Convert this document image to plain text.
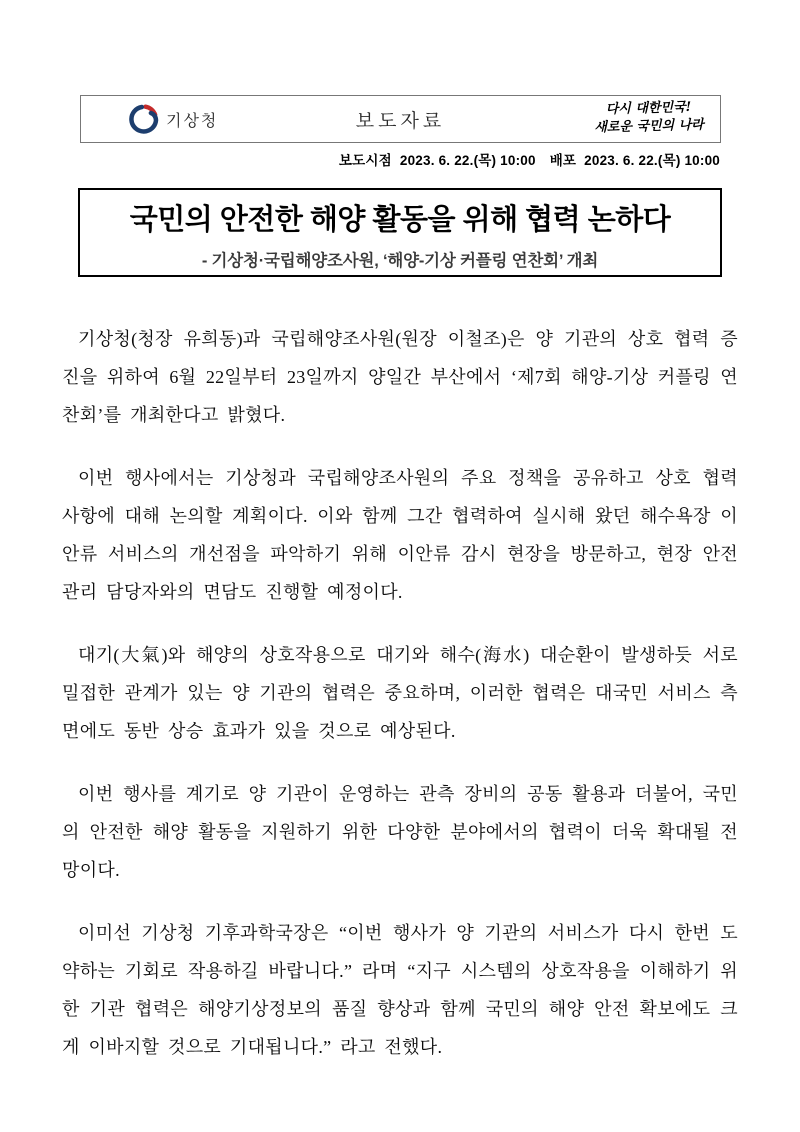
기상청	보도자료
다시 대한민국!
새로운 국민의 나라
보도시점 2023. 6. 22.(목) 10:00 배포 2023. 6. 22.(목) 10:00
국민의 안전한 해양 활동을 위해 협력 논하다
- 기상청·국립해양조사원, ‘해양-기상 커플링 연찬회’ 개최

기상청(청장 유희동)과 국립해양조사원(원장 이철조)은 양 기관의 상호 협력 증진을 위하여 6월 22일부터 23일까지 양일간 부산에서 ‘제7회 해양-기상 커플링 연찬회’를 개최한다고 밝혔다.

이번 행사에서는 기상청과 국립해양조사원의 주요 정책을 공유하고 상호 협력 사항에 대해 논의할 계획이다. 이와 함께 그간 협력하여 실시해 왔던 해수욕장 이안류 서비스의 개선점을 파악하기 위해 이안류 감시 현장을 방문하고, 현장 안전관리 담당자와의 면담도 진행할 예정이다.

대기(大氣)와 해양의 상호작용으로 대기와 해수(海水) 대순환이 발생하듯 서로 밀접한 관계가 있는 양 기관의 협력은 중요하며, 이러한 협력은 대국민 서비스 측면에도 동반 상승 효과가 있을 것으로 예상된다.

이번 행사를 계기로 양 기관이 운영하는 관측 장비의 공동 활용과 더불어, 국민의 안전한 해양 활동을 지원하기 위한 다양한 분야에서의 협력이 더욱 확대될 전망이다.

이미선 기상청 기후과학국장은 “이번 행사가 양 기관의 서비스가 다시 한번 도약하는 기회로 작용하길 바랍니다.” 라며 “지구 시스템의 상호작용을 이해하기 위한 기관 협력은 해양기상정보의 품질 향상과 함께 국민의 해양 안전 확보에도 크게 이바지할 것으로 기대됩니다.” 라고 전했다.
